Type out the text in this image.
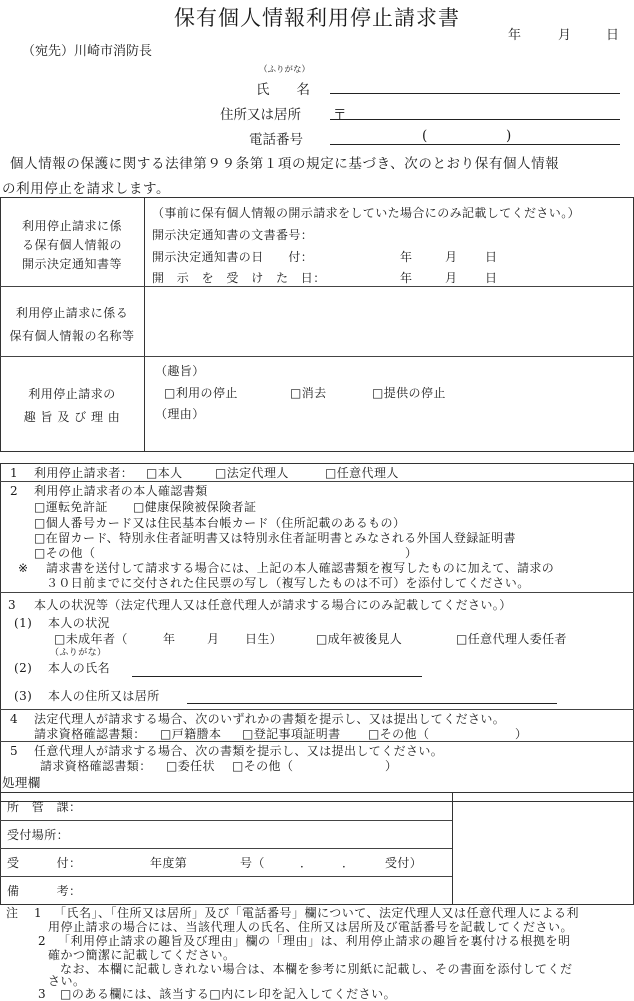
保有個人情報利用停止請求書
年	月	日
（宛先）川崎市消防長
（ふりがな）
氏　　名
住所又は居所 〒
電話番号	(	)
個人情報の保護に関する法律第９９条第１項の規定に基づき、次のとおり保有個人情報
の利用停止を請求します。
利用停止請求に係
る保有個人情報の
開示決定通知書等
（事前に保有個人情報の開示請求をしていた場合にのみ記載してください。）
開示決定通知書の文書番号：
開示決定通知書の日　　付：	年	月 日
開　示　を　受　け　た　日：	年	月 日
利用停止請求に係る
保有個人情報の名称等
利用停止請求の
趣 旨 及 び 理 由
（趣旨）
□ 利用の停止	□ 消去	□ 提供の停止
（理由）
1 利用停止請求者：	□ 本人	□ 法定代理人	□ 任意代理人
2 利用停止請求者の本人確認書類
□ 運転免許証	□ 健康保険被保険者証
□ 個人番号カード又は住民基本台帳カード（住所記載のあるもの）
□ 在留カード、特別永住者証明書又は特別永住者証明書とみなされる外国人登録証明書
□ その他（	）
※ 請求書を送付して請求する場合には、上記の本人確認書類を複写したものに加えて、請求の
３０日前までに交付された住民票の写し（複写したものは不可）を添付してください。
3 本人の状況等（法定代理人又は任意代理人が請求する場合にのみ記載してください。）
(1) 本人の状況
□ 未成年者（	年	月 日生）	□ 成年被後見人	□ 任意代理人委任者
（ふりがな）
(2) 本人の氏名
(3) 本人の住所又は居所
4 法定代理人が請求する場合、次のいずれかの書類を提示し、又は提出してください。
請求資格確認書類：	□ 戸籍謄本	□ 登記事項証明書	□ その他（	）
5 任意代理人が請求する場合、次の書類を提示し、又は提出してください。
請求資格確認書類：	□ 委任状	□ その他（	）
処理欄
所　管　課：
受付場所：
受　　　付：	年度第	号（	． ．	受付）
備　　　考：
注 1 「氏名」、「住所又は居所」及び「電話番号」欄について、法定代理人又は任意代理人による利
用停止請求の場合には、当該代理人の氏名、住所又は居所及び電話番号を記載してください。
2 「利用停止請求の趣旨及び理由」欄の「理由」は、利用停止請求の趣旨を裏付ける根拠を明
確かつ簡潔に記載してください。
なお、本欄に記載しきれない場合は、本欄を参考に別紙に記載し、その書面を添付してくだ
さい。
3 □のある欄には、該当する□内にレ印を記入してください。
